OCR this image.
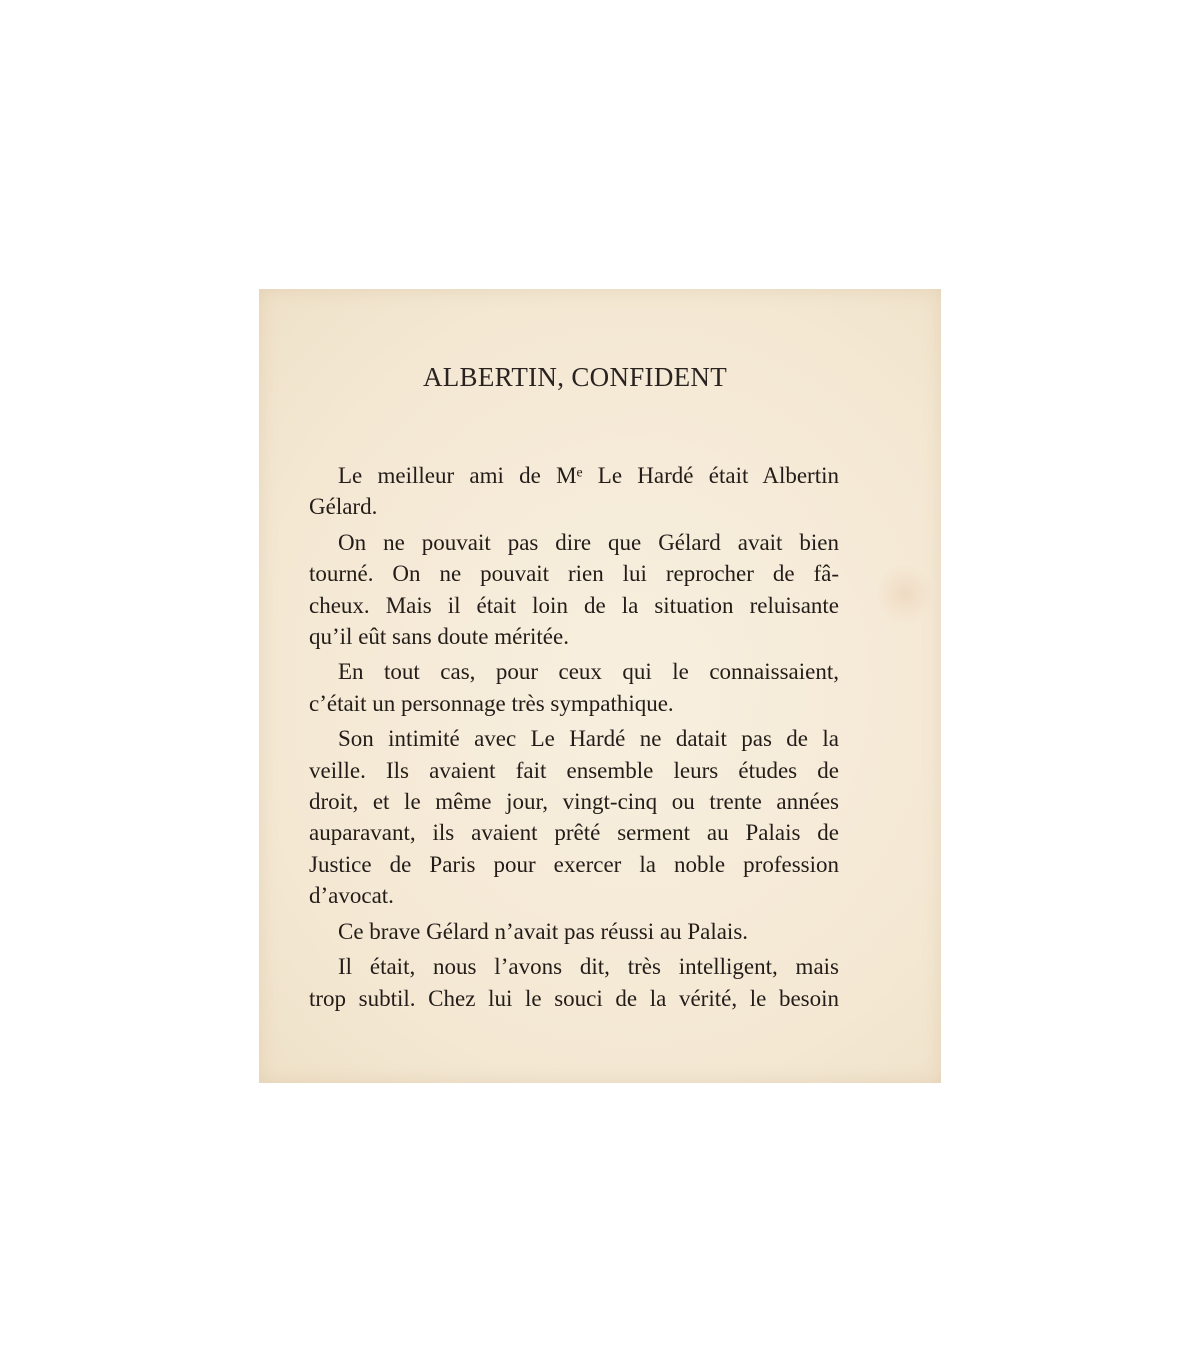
ALBERTIN, CONFIDENT
Le meilleur ami de Mᵉ Le Hardé était Albertin
Gélard.
On ne pouvait pas dire que Gélard avait bien
tourné. On ne pouvait rien lui reprocher de fâ-
cheux. Mais il était loin de la situation reluisante
qu’il eût sans doute méritée.
En tout cas, pour ceux qui le connaissaient,
c’était un personnage très sympathique.
Son intimité avec Le Hardé ne datait pas de la
veille. Ils avaient fait ensemble leurs études de
droit, et le même jour, vingt-cinq ou trente années
auparavant, ils avaient prêté serment au Palais de
Justice de Paris pour exercer la noble profession
d’avocat.
Ce brave Gélard n’avait pas réussi au Palais.
Il était, nous l’avons dit, très intelligent, mais
trop subtil. Chez lui le souci de la vérité, le besoin
